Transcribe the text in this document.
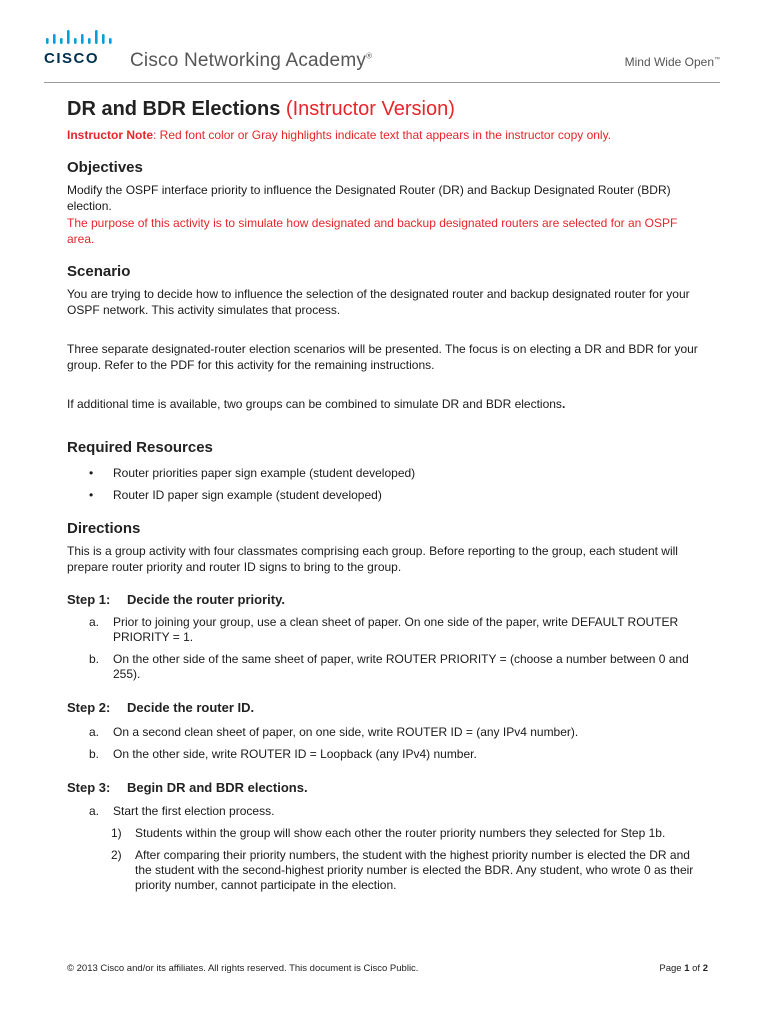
CISCO Cisco Networking Academy®	Mind Wide Open™
DR and BDR Elections (Instructor Version)
Instructor Note: Red font color or Gray highlights indicate text that appears in the instructor copy only.
Objectives

Modify the OSPF interface priority to influence the Designated Router (DR) and Backup Designated Router (BDR) election.

The purpose of this activity is to simulate how designated and backup designated routers are selected for an OSPF area.

Scenario

You are trying to decide how to influence the selection of the designated router and backup designated router for your OSPF network. This activity simulates that process.

Three separate designated-router election scenarios will be presented. The focus is on electing a DR and BDR for your group. Refer to the PDF for this activity for the remaining instructions.

If additional time is available, two groups can be combined to simulate DR and BDR elections.

Required Resources
• Router priorities paper sign example (student developed)
• Router ID paper sign example (student developed)
Directions

This is a group activity with four classmates comprising each group. Before reporting to the group, each student will prepare router priority and router ID signs to bring to the group.

Step 1: Decide the router priority.
a. Prior to joining your group, use a clean sheet of paper. On one side of the paper, write DEFAULT ROUTER PRIORITY = 1.
b. On the other side of the same sheet of paper, write ROUTER PRIORITY = (choose a number between 0 and 255).
Step 2: Decide the router ID.
a. On a second clean sheet of paper, on one side, write ROUTER ID = (any IPv4 number).
b. On the other side, write ROUTER ID = Loopback (any IPv4) number.
Step 3: Begin DR and BDR elections.
a. Start the first election process.
1) Students within the group will show each other the router priority numbers they selected for Step 1b.
2) After comparing their priority numbers, the student with the highest priority number is elected the DR and the student with the second-highest priority number is elected the BDR. Any student, who wrote 0 as their priority number, cannot participate in the election.
© 2013 Cisco and/or its affiliates. All rights reserved. This document is Cisco Public.	Page 1 of 2
